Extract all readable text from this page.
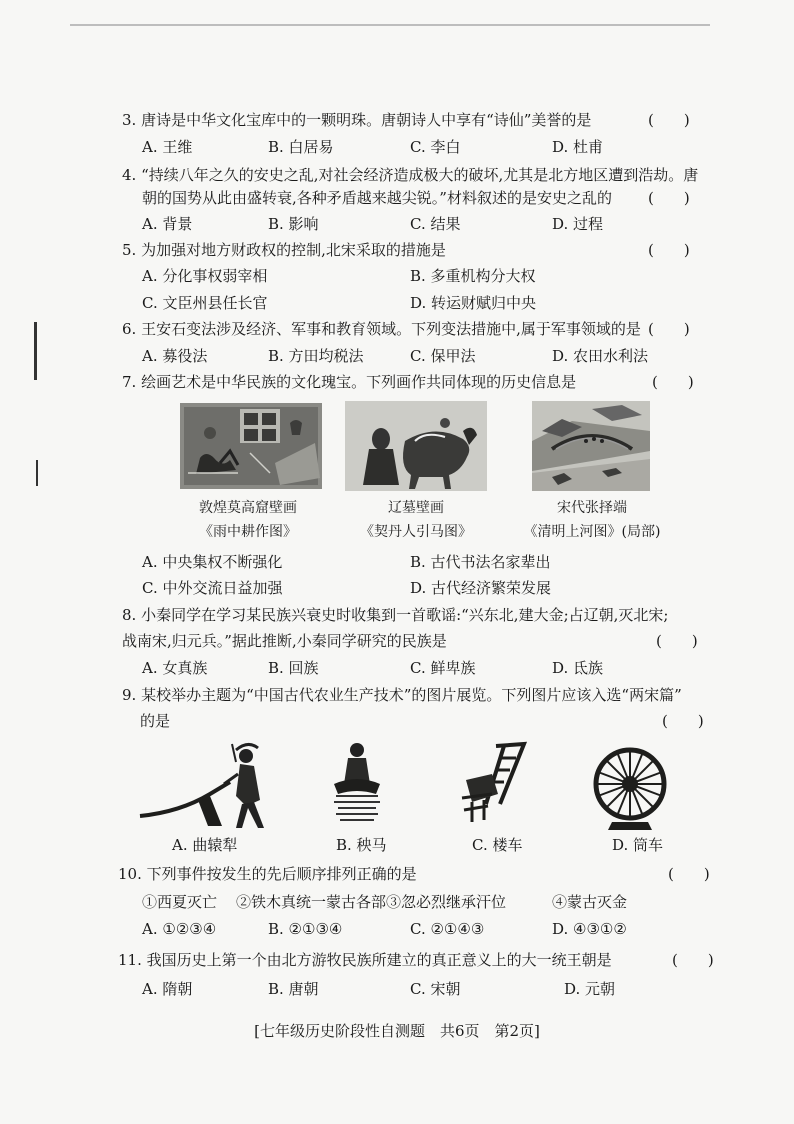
3. 唐诗是中华文化宝库中的一颗明珠。唐朝诗人中享有“诗仙”美誉的是	(　　)
A. 王维	B. 白居易	C. 李白	D. 杜甫
4. “持续八年之久的安史之乱,对社会经济造成极大的破坏,尤其是北方地区遭到浩劫。唐
朝的国势从此由盛转衰,各种矛盾越来越尖锐。”材料叙述的是安史之乱的 (　　)
A. 背景	B. 影响	C. 结果	D. 过程
5. 为加强对地方财政权的控制,北宋采取的措施是	(　　)
A. 分化事权弱宰相	B. 多重机构分大权
C. 文臣州县任长官	D. 转运财赋归中央
6. 王安石变法涉及经济、军事和教育领域。下列变法措施中,属于军事领域的是 (　　)
A. 募役法	B. 方田均税法	C. 保甲法	D. 农田水利法
7. 绘画艺术是中华民族的文化瑰宝。下列画作共同体现的历史信息是	(　　)
敦煌莫高窟壁画
《雨中耕作图》
辽墓壁画
《契丹人引马图》
宋代张择端
《清明上河图》(局部)
A. 中央集权不断强化	B. 古代书法名家辈出
C. 中外交流日益加强	D. 古代经济繁荣发展
8. 小秦同学在学习某民族兴衰史时收集到一首歌谣:“兴东北,建大金;占辽朝,灭北宋;
战南宋,归元兵。”据此推断,小秦同学研究的民族是	(　　)
A. 女真族	B. 回族	C. 鲜卑族	D. 氐族
9. 某校举办主题为“中国古代农业生产技术”的图片展览。下列图片应该入选“两宋篇”
的是	(　　)
A. 曲辕犁	B. 秧马	C. 楼车	D. 筒车
10. 下列事件按发生的先后顺序排列正确的是	(　　)
①西夏灭亡 ②铁木真统一蒙古各部 ③忽必烈继承汗位	④蒙古灭金
A. ①②③④	B. ②①③④	C. ②①④③	D. ④③①②
11. 我国历史上第一个由北方游牧民族所建立的真正意义上的大一统王朝是	(　　)
A. 隋朝	B. 唐朝	C. 宋朝	D. 元朝
[七年级历史阶段性自测题　共6页　第2页]
